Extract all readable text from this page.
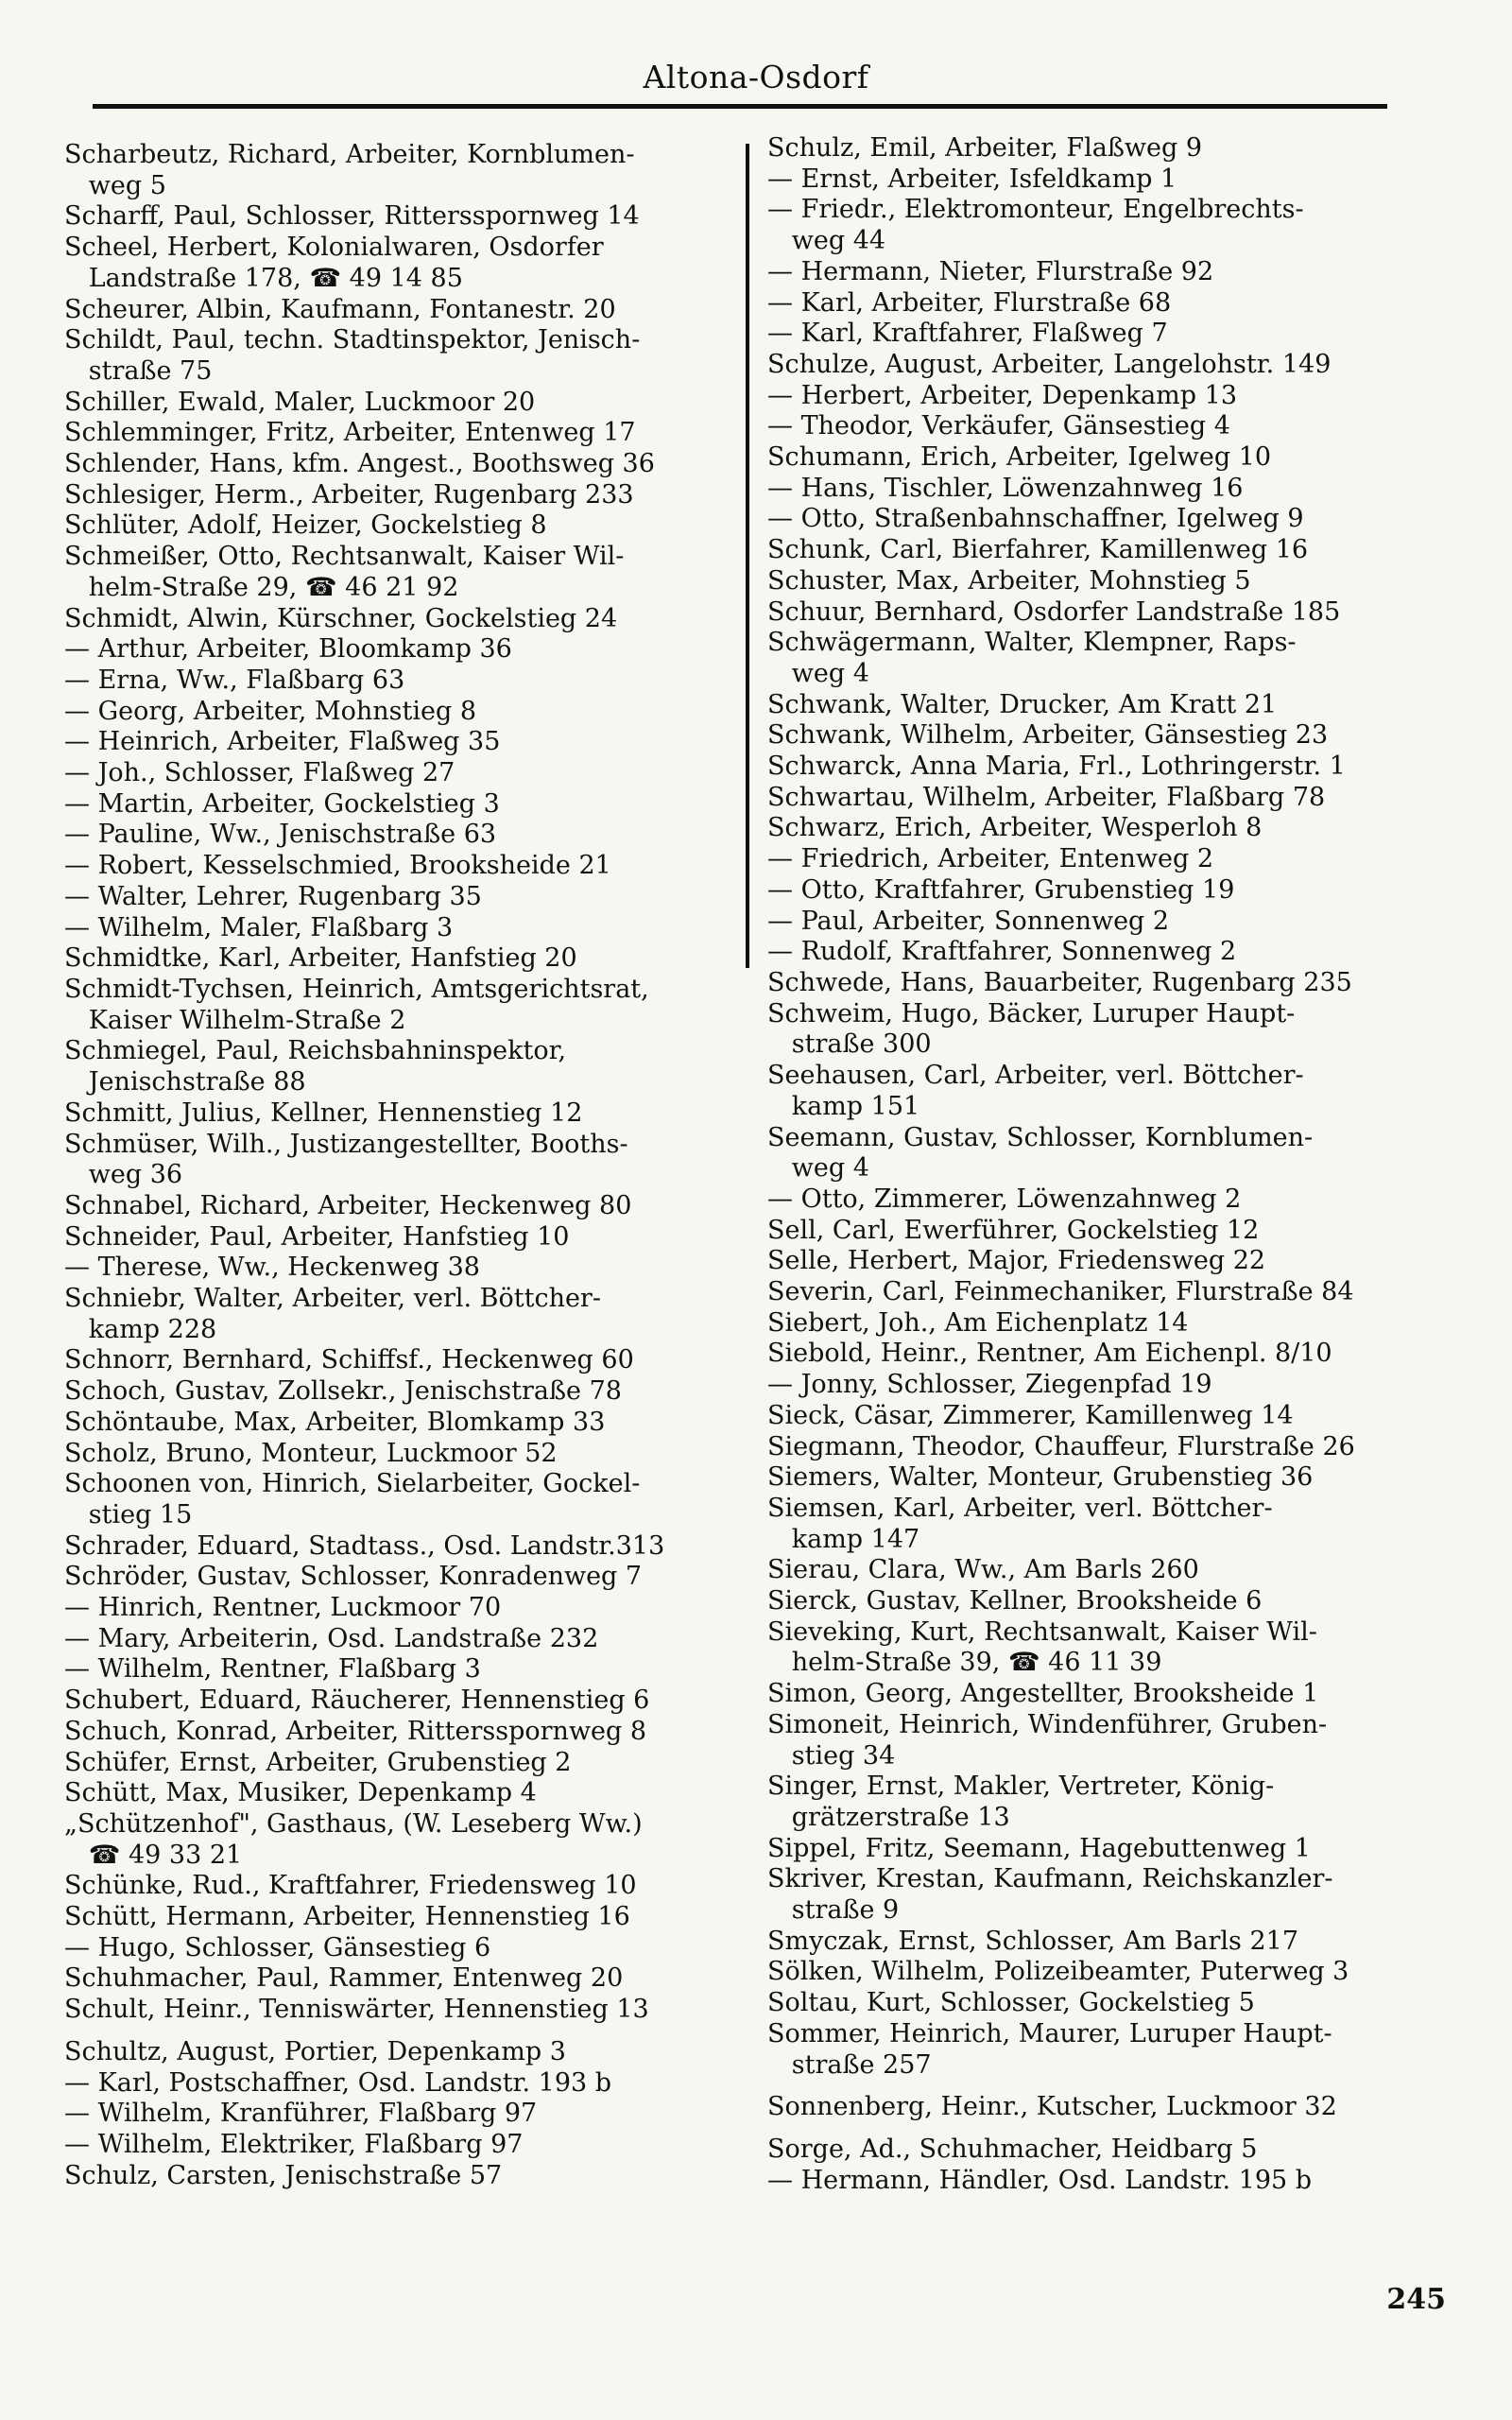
Altona-Osdorf
Scharbeutz, Richard, Arbeiter, Kornblumen-
weg 5
Scharff, Paul, Schlosser, Rittersspornweg 14
Scheel, Herbert, Kolonialwaren, Osdorfer
Landstraße 178, ☎ 49 14 85
Scheurer, Albin, Kaufmann, Fontanestr. 20
Schildt, Paul, techn. Stadtinspektor, Jenisch-
straße 75
Schiller, Ewald, Maler, Luckmoor 20
Schlemminger, Fritz, Arbeiter, Entenweg 17
Schlender, Hans, kfm. Angest., Boothsweg 36
Schlesiger, Herm., Arbeiter, Rugenbarg 233
Schlüter, Adolf, Heizer, Gockelstieg 8
Schmeißer, Otto, Rechtsanwalt, Kaiser Wil-
helm-Straße 29, ☎ 46 21 92
Schmidt, Alwin, Kürschner, Gockelstieg 24
— Arthur, Arbeiter, Bloomkamp 36
— Erna, Ww., Flaßbarg 63
— Georg, Arbeiter, Mohnstieg 8
— Heinrich, Arbeiter, Flaßweg 35
— Joh., Schlosser, Flaßweg 27
— Martin, Arbeiter, Gockelstieg 3
— Pauline, Ww., Jenischstraße 63
— Robert, Kesselschmied, Brooksheide 21
— Walter, Lehrer, Rugenbarg 35
— Wilhelm, Maler, Flaßbarg 3
Schmidtke, Karl, Arbeiter, Hanfstieg 20
Schmidt-Tychsen, Heinrich, Amtsgerichtsrat,
Kaiser Wilhelm-Straße 2
Schmiegel, Paul, Reichsbahninspektor,
Jenischstraße 88
Schmitt, Julius, Kellner, Hennenstieg 12
Schmüser, Wilh., Justizangestellter, Booths-
weg 36
Schnabel, Richard, Arbeiter, Heckenweg 80
Schneider, Paul, Arbeiter, Hanfstieg 10
— Therese, Ww., Heckenweg 38
Schniebr, Walter, Arbeiter, verl. Böttcher-
kamp 228
Schnorr, Bernhard, Schiffsf., Heckenweg 60
Schoch, Gustav, Zollsekr., Jenischstraße 78
Schöntaube, Max, Arbeiter, Blomkamp 33
Scholz, Bruno, Monteur, Luckmoor 52
Schoonen von, Hinrich, Sielarbeiter, Gockel-
stieg 15
Schrader, Eduard, Stadtass., Osd. Landstr.313
Schröder, Gustav, Schlosser, Konradenweg 7
— Hinrich, Rentner, Luckmoor 70
— Mary, Arbeiterin, Osd. Landstraße 232
— Wilhelm, Rentner, Flaßbarg 3
Schubert, Eduard, Räucherer, Hennenstieg 6
Schuch, Konrad, Arbeiter, Rittersspornweg 8
Schüfer, Ernst, Arbeiter, Grubenstieg 2
Schütt, Max, Musiker, Depenkamp 4
„Schützenhof", Gasthaus, (W. Leseberg Ww.)
☎ 49 33 21
Schünke, Rud., Kraftfahrer, Friedensweg 10
Schütt, Hermann, Arbeiter, Hennenstieg 16
— Hugo, Schlosser, Gänsestieg 6
Schuhmacher, Paul, Rammer, Entenweg 20
Schult, Heinr., Tenniswärter, Hennenstieg 13
Schultz, August, Portier, Depenkamp 3
— Karl, Postschaffner, Osd. Landstr. 193 b
— Wilhelm, Kranführer, Flaßbarg 97
— Wilhelm, Elektriker, Flaßbarg 97
Schulz, Carsten, Jenischstraße 57
Schulz, Emil, Arbeiter, Flaßweg 9
— Ernst, Arbeiter, Isfeldkamp 1
— Friedr., Elektromonteur, Engelbrechts-
weg 44
— Hermann, Nieter, Flurstraße 92
— Karl, Arbeiter, Flurstraße 68
— Karl, Kraftfahrer, Flaßweg 7
Schulze, August, Arbeiter, Langelohstr. 149
— Herbert, Arbeiter, Depenkamp 13
— Theodor, Verkäufer, Gänsestieg 4
Schumann, Erich, Arbeiter, Igelweg 10
— Hans, Tischler, Löwenzahnweg 16
— Otto, Straßenbahnschaffner, Igelweg 9
Schunk, Carl, Bierfahrer, Kamillenweg 16
Schuster, Max, Arbeiter, Mohnstieg 5
Schuur, Bernhard, Osdorfer Landstraße 185
Schwägermann, Walter, Klempner, Raps-
weg 4
Schwank, Walter, Drucker, Am Kratt 21
Schwank, Wilhelm, Arbeiter, Gänsestieg 23
Schwarck, Anna Maria, Frl., Lothringerstr. 1
Schwartau, Wilhelm, Arbeiter, Flaßbarg 78
Schwarz, Erich, Arbeiter, Wesperloh 8
— Friedrich, Arbeiter, Entenweg 2
— Otto, Kraftfahrer, Grubenstieg 19
— Paul, Arbeiter, Sonnenweg 2
— Rudolf, Kraftfahrer, Sonnenweg 2
Schwede, Hans, Bauarbeiter, Rugenbarg 235
Schweim, Hugo, Bäcker, Luruper Haupt-
straße 300
Seehausen, Carl, Arbeiter, verl. Böttcher-
kamp 151
Seemann, Gustav, Schlosser, Kornblumen-
weg 4
— Otto, Zimmerer, Löwenzahnweg 2
Sell, Carl, Ewerführer, Gockelstieg 12
Selle, Herbert, Major, Friedensweg 22
Severin, Carl, Feinmechaniker, Flurstraße 84
Siebert, Joh., Am Eichenplatz 14
Siebold, Heinr., Rentner, Am Eichenpl. 8/10
— Jonny, Schlosser, Ziegenpfad 19
Sieck, Cäsar, Zimmerer, Kamillenweg 14
Siegmann, Theodor, Chauffeur, Flurstraße 26
Siemers, Walter, Monteur, Grubenstieg 36
Siemsen, Karl, Arbeiter, verl. Böttcher-
kamp 147
Sierau, Clara, Ww., Am Barls 260
Sierck, Gustav, Kellner, Brooksheide 6
Sieveking, Kurt, Rechtsanwalt, Kaiser Wil-
helm-Straße 39, ☎ 46 11 39
Simon, Georg, Angestellter, Brooksheide 1
Simoneit, Heinrich, Windenführer, Gruben-
stieg 34
Singer, Ernst, Makler, Vertreter, König-
grätzerstraße 13
Sippel, Fritz, Seemann, Hagebuttenweg 1
Skriver, Krestan, Kaufmann, Reichskanzler-
straße 9
Smyczak, Ernst, Schlosser, Am Barls 217
Sölken, Wilhelm, Polizeibeamter, Puterweg 3
Soltau, Kurt, Schlosser, Gockelstieg 5
Sommer, Heinrich, Maurer, Luruper Haupt-
straße 257
Sonnenberg, Heinr., Kutscher, Luckmoor 32
Sorge, Ad., Schuhmacher, Heidbarg 5
— Hermann, Händler, Osd. Landstr. 195 b
245
